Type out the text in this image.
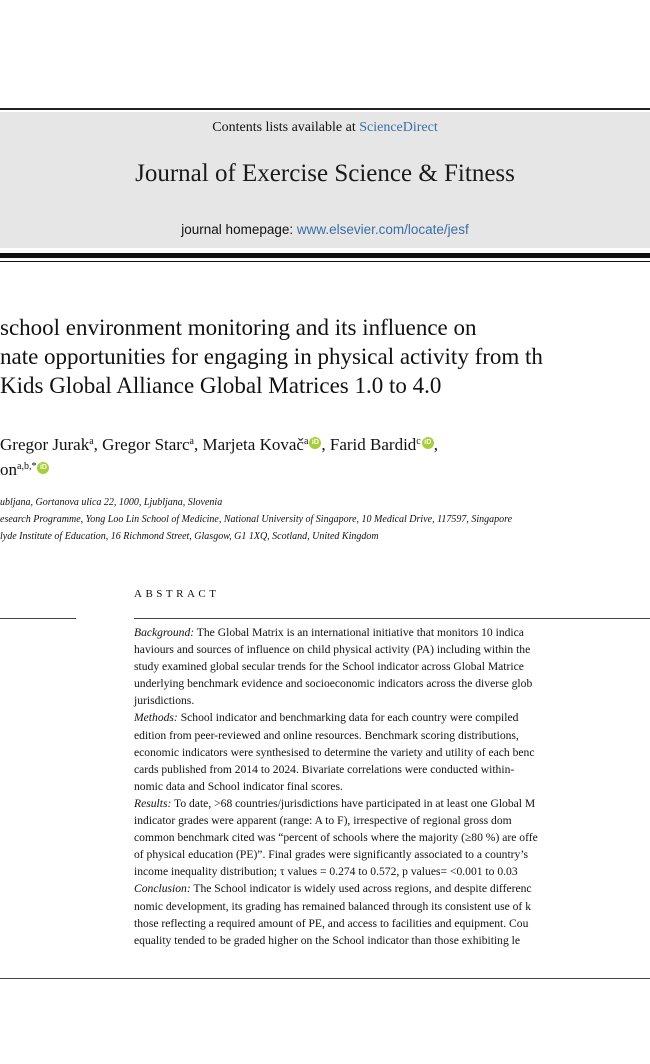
Contents lists available at ScienceDirect
Journal of Exercise Science & Fitness
journal homepage: www.elsevier.com/locate/jesf
school environment monitoring and its influence on
nate opportunities for engaging in physical activity from th
Kids Global Alliance Global Matrices 1.0 to 4.0
Gregor Jurak$^a$, Gregor Starc$^a$, Marjeta Kovač$^a$ iD , Farid Bardid$^c$ iD ,
$on^{a,b,*}$ iD
ubljana, Gortanova ulica 22, 1000, Ljubljana, Slovenia
esearch Programme, Yong Loo Lin School of Medicine, National University of Singapore, 10 Medical Drive, 117597, Singapore
lyde Institute of Education, 16 Richmond Street, Glasgow, G1 1XQ, Scotland, United Kingdom
ABSTRACT
Background: The Global Matrix is an international initiative that monitors 10 indica
haviours and sources of influence on child physical activity (PA) including within the
study examined global secular trends for the School indicator across Global Matrice
underlying benchmark evidence and socioeconomic indicators across the diverse glob
jurisdictions.
Methods: School indicator and benchmarking data for each country were compiled
edition from peer-reviewed and online resources. Benchmark scoring distributions,
economic indicators were synthesised to determine the variety and utility of each benc
cards published from 2014 to 2024. Bivariate correlations were conducted within-
nomic data and School indicator final scores.
Results: To date, >68 countries/jurisdictions have participated in at least one Global M
indicator grades were apparent (range: A to F), irrespective of regional gross dom
common benchmark cited was “percent of schools where the majority (≥80 %) are offe
of physical education (PE)”. Final grades were significantly associated to a country’s
income inequality distribution; τ values = 0.274 to 0.572, p values= <0.001 to 0.03
Conclusion: The School indicator is widely used across regions, and despite differenc
nomic development, its grading has remained balanced through its consistent use of k
those reflecting a required amount of PE, and access to facilities and equipment. Cou
equality tended to be graded higher on the School indicator than those exhibiting le
